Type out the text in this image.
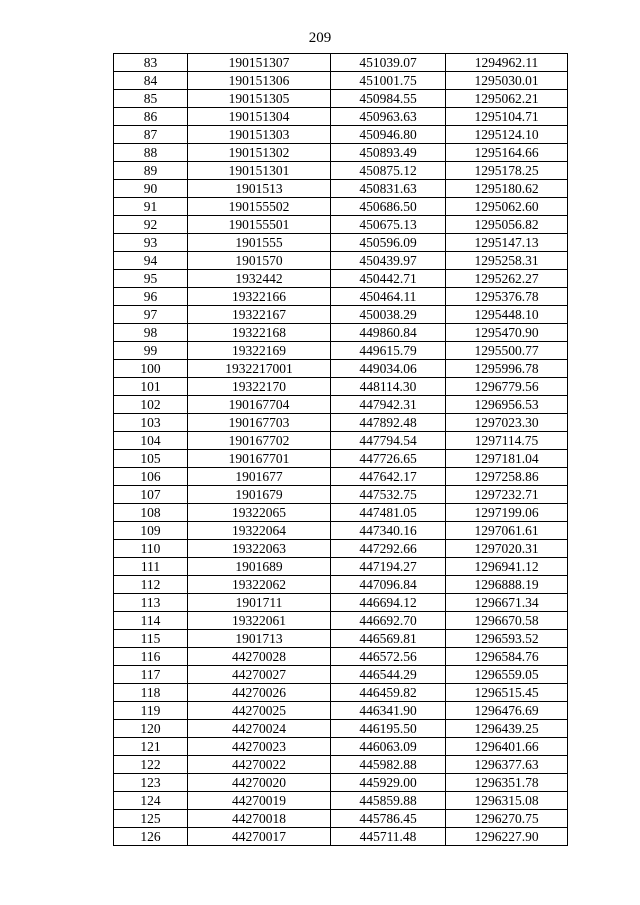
209
83	190151307	451039.07	1294962.11
84	190151306	451001.75	1295030.01
85	190151305	450984.55	1295062.21
86	190151304	450963.63	1295104.71
87	190151303	450946.80	1295124.10
88	190151302	450893.49	1295164.66
89	190151301	450875.12	1295178.25
90	1901513	450831.63	1295180.62
91	190155502	450686.50	1295062.60
92	190155501	450675.13	1295056.82
93	1901555	450596.09	1295147.13
94	1901570	450439.97	1295258.31
95	1932442	450442.71	1295262.27
96	19322166	450464.11	1295376.78
97	19322167	450038.29	1295448.10
98	19322168	449860.84	1295470.90
99	19322169	449615.79	1295500.77
100	1932217001	449034.06	1295996.78
101	19322170	448114.30	1296779.56
102	190167704	447942.31	1296956.53
103	190167703	447892.48	1297023.30
104	190167702	447794.54	1297114.75
105	190167701	447726.65	1297181.04
106	1901677	447642.17	1297258.86
107	1901679	447532.75	1297232.71
108	19322065	447481.05	1297199.06
109	19322064	447340.16	1297061.61
110	19322063	447292.66	1297020.31
111	1901689	447194.27	1296941.12
112	19322062	447096.84	1296888.19
113	1901711	446694.12	1296671.34
114	19322061	446692.70	1296670.58
115	1901713	446569.81	1296593.52
116	44270028	446572.56	1296584.76
117	44270027	446544.29	1296559.05
118	44270026	446459.82	1296515.45
119	44270025	446341.90	1296476.69
120	44270024	446195.50	1296439.25
121	44270023	446063.09	1296401.66
122	44270022	445982.88	1296377.63
123	44270020	445929.00	1296351.78
124	44270019	445859.88	1296315.08
125	44270018	445786.45	1296270.75
126	44270017	445711.48	1296227.90
